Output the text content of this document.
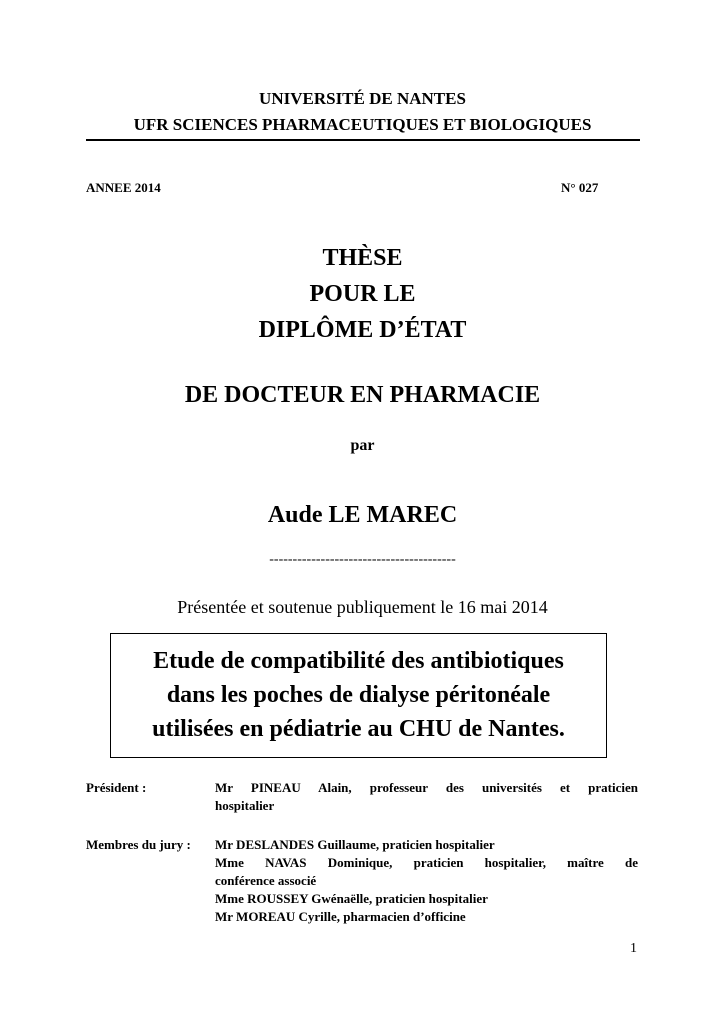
UNIVERSITÉ DE NANTES
UFR SCIENCES PHARMACEUTIQUES ET BIOLOGIQUES
ANNEE 2014	N° 027
THÈSE
POUR LE
DIPLÔME D’ÉTAT
DE DOCTEUR EN PHARMACIE
par
Aude LE MAREC
----------------------------------------
Présentée et soutenue publiquement le 16 mai 2014
Etude de compatibilité des antibiotiques
dans les poches de dialyse péritonéale
utilisées en pédiatrie au CHU de Nantes.
Président :	Mr PINEAU Alain, professeur des universités et praticien
hospitalier
Membres du jury : Mr DESLANDES Guillaume, praticien hospitalier
Mme NAVAS Dominique, praticien hospitalier, maître de
conférence associé
Mme ROUSSEY Gwénaëlle, praticien hospitalier
Mr MOREAU Cyrille, pharmacien d’officine
1
